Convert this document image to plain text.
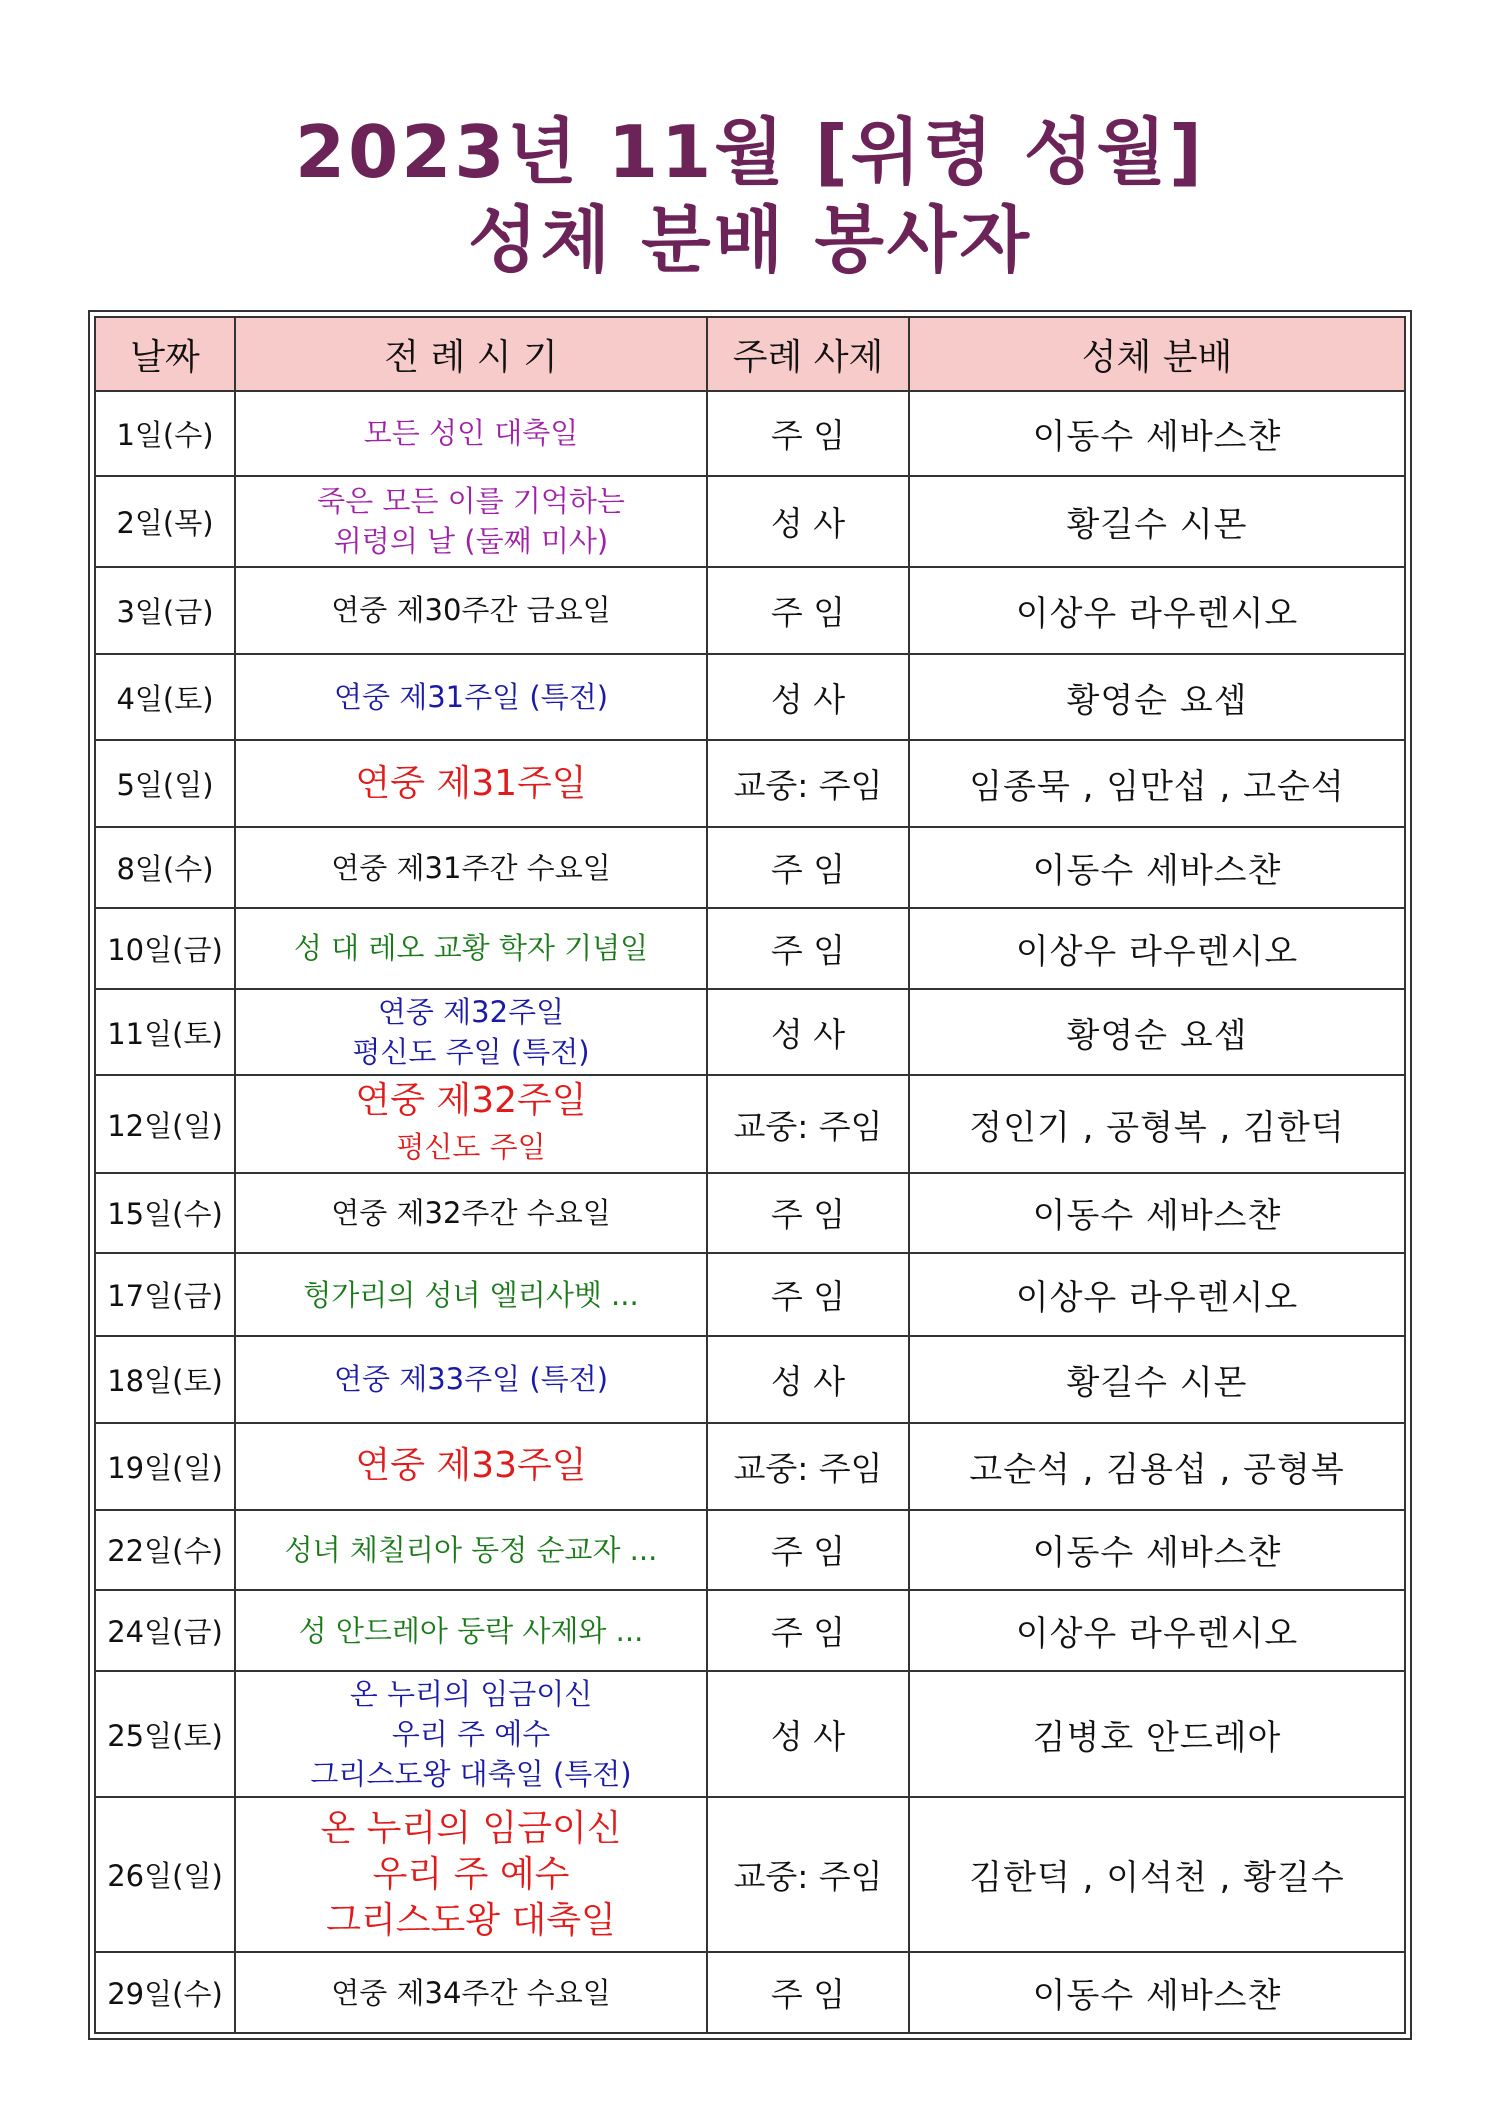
2023년 11월 [위령 성월]
성체 분배 봉사자
날짜	전 례 시 기	주례 사제	성체 분배
1일(수)	모든 성인 대축일	주 임	이동수 세바스챤
2일(목)	죽은 모든 이를 기억하는
위령의 날 (둘째 미사)	성 사	황길수 시몬
3일(금)	연중 제30주간 금요일	주 임	이상우 라우렌시오
4일(토)	연중 제31주일 (특전)	성 사	황영순 요셉
5일(일)	연중 제31주일	교중: 주임	임종묵 , 임만섭 , 고순석
8일(수)	연중 제31주간 수요일	주 임	이동수 세바스챤
10일(금)	성 대 레오 교황 학자 기념일	주 임	이상우 라우렌시오
11일(토)	연중 제32주일
평신도 주일 (특전)	성 사	황영순 요셉
12일(일)	연중 제32주일
평신도 주일	교중: 주임	정인기 , 공형복 , 김한덕
15일(수)	연중 제32주간 수요일	주 임	이동수 세바스챤
17일(금)	헝가리의 성녀 엘리사벳 ...	주 임	이상우 라우렌시오
18일(토)	연중 제33주일 (특전)	성 사	황길수 시몬
19일(일)	연중 제33주일	교중: 주임	고순석 , 김용섭 , 공형복
22일(수)	성녀 체칠리아 동정 순교자 ...	주 임	이동수 세바스챤
24일(금)	성 안드레아 둥락 사제와 ...	주 임	이상우 라우렌시오
25일(토)	온 누리의 임금이신
우리 주 예수
그리스도왕 대축일 (특전)	성 사	김병호 안드레아
26일(일)	온 누리의 임금이신
우리 주 예수
그리스도왕 대축일	교중: 주임	김한덕 , 이석천 , 황길수
29일(수)	연중 제34주간 수요일	주 임	이동수 세바스챤
